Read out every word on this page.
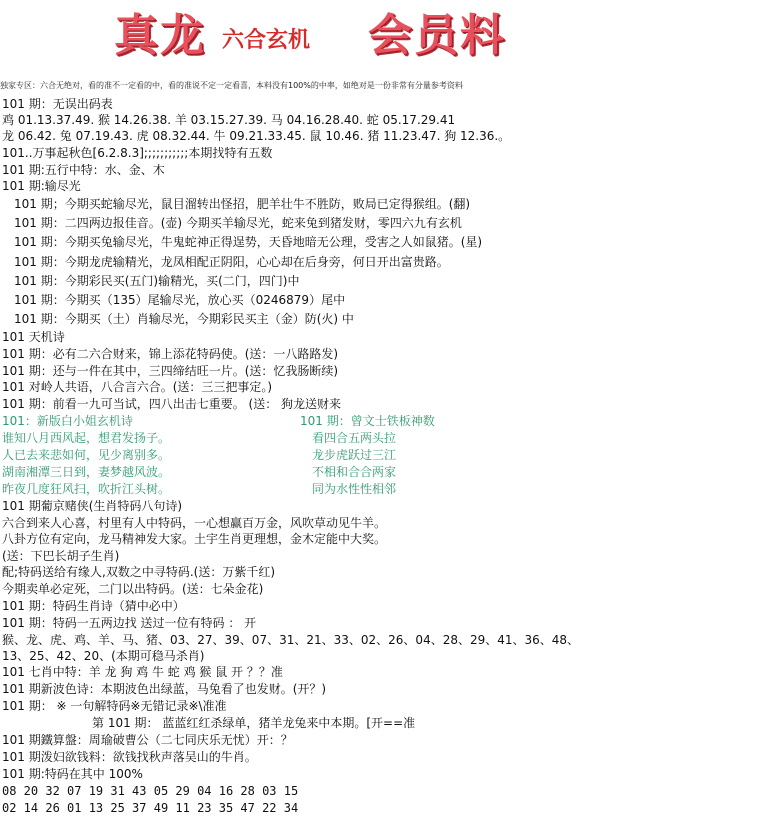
真龙 六合玄机 会员料
独家专区：六合无绝对，看的准不一定看的中，看的准说不定一定看喜，本料没有100%的中率，如绝对是一份非常有分量参考资料
101 期：无误出码表
鸡 01.13.37.49. 猴 14.26.38. 羊 03.15.27.39. 马 04.16.28.40. 蛇 05.17.29.41
龙 06.42. 兔 07.19.43. 虎 08.32.44. 牛 09.21.33.45. 鼠 10.46. 猪 11.23.47. 狗 12.36.。
101..万事起秋色[6.2.8.3];;;;;;;;;;;本期找特有五数
101 期:五行中特：水、金、木
101 期:输尽光
101 期；今期买蛇输尽光，鼠目溜转出怪招，肥羊壮牛不胜防，败局已定得猴组。(翻)
101 期：二四两边报佳音。(壶) 今期买羊输尽光，蛇来兔到猪发财，零四六九有玄机
101 期：今期买兔输尽光，牛鬼蛇神正得逞势，天昏地暗无公理，受害之人如鼠猪。(星)
101 期：今期龙虎输精光，龙凤相配正阴阳，心心却在后身旁，何日开出富贵路。
101 期：今期彩民买(五门)输精光，买(二门，四门)中
101 期：今期买（135）尾输尽光，放心买（0246879）尾中
101 期：今期买（土）肖输尽光，今期彩民买主（金）防(火) 中
101 天机诗
101 期：必有二六合财来，锦上添花特码使。(送：一八路路发)
101 期：还与一件在其中，三四缔结旺一片。(送：忆我肠断续)
101 对岭人共语，八合言六合。(送：三三把事定。)
101 期：前看一九可当试，四八出击七重要。 (送： 狗龙送财来
101：新版白小姐玄机诗	101 期：曾文士铁板神数
谁知八月西风起，想君发扬子。	看四合五两头拉
人已去来悲如何，见少离别多。	龙步虎跃过三江
湖南湘潭三日到，妻梦越风波。	不相和合合两家
昨夜几度狂风扫，吹折江头树。	同为水性性相邻
101 期葡京赌侠(生肖特码八句诗)
六合到来人心喜，村里有人中特码，一心想赢百万金，风吹草动见牛羊。
八卦方位有定向，龙马精神发大家。土宇生肖更理想，金木定能中大奖。
(送：下巴长胡子生肖)
配;特码送给有缘人,双数之中寻特码.(送：万紫千红)
今期卖单必定死，二门以出特码。(送：七朵金花)
101 期：特码生肖诗（猜中必中）
101 期：特码一五两边找 送过一位有特码 ： 开
猴、龙、虎、鸡、羊、马、猪、03、27、39、07、31、21、33、02、26、04、28、29、41、36、48、
13、25、42、20、(本期可稳马杀肖)
101 七肖中特：羊 龙 狗 鸡 牛 蛇 鸡 猴 鼠 开 ？？准
101 期新波色诗：本期波色出绿蓝，马兔看了也发财。(开？)
101 期： ※ 一句解特码※无错记录※\准准
第 101 期： 蓝蓝红红杀绿单，猪羊龙兔来中本期。[开==准
101 期鐵算盤：周瑜破曹公（二七同庆乐无忧）开：？
101 期泼妇欲钱料：欲钱找秋声落吴山的牛肖。
101 期:特码在其中 100%
08 20 32 07 19 31 43 05 29 04 16 28 03 15
02 14 26 01 13 25 37 49 11 23 35 47 22 34
